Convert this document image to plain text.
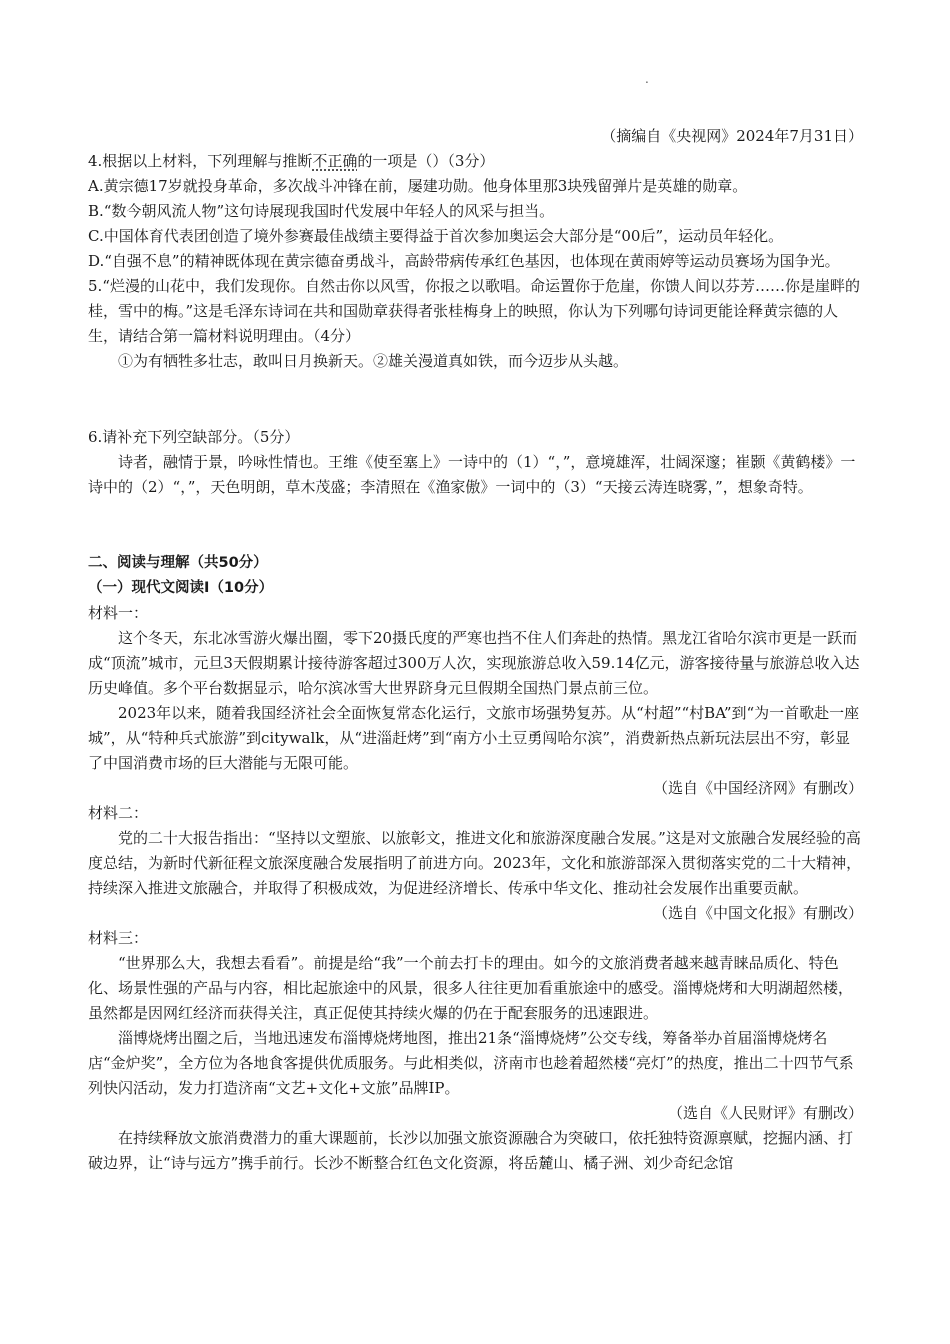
.

（摘编自《央视网》2024年7月31日）

4.根据以上材料，下列理解与推断不正确的一项是（）（3分）

A.黄宗德17岁就投身革命，多次战斗冲锋在前，屡建功勋。他身体里那3块残留弹片是英雄的勋章。

B.“数今朝风流人物”这句诗展现我国时代发展中年轻人的风采与担当。

C.中国体育代表团创造了境外参赛最佳战绩主要得益于首次参加奥运会大部分是“00后”，运动员年轻化。

D.“自强不息”的精神既体现在黄宗德奋勇战斗，高龄带病传承红色基因，也体现在黄雨婷等运动员赛场为国争光。

5.“烂漫的山花中，我们发现你。自然击你以风雪，你报之以歌唱。命运置你于危崖，你馈人间以芬芳……你是崖畔的桂，雪中的梅。”这是毛泽东诗词在共和国勋章获得者张桂梅身上的映照，你认为下列哪句诗词更能诠释黄宗德的人生，请结合第一篇材料说明理由。（4分）

①为有牺牲多壮志，敢叫日月换新天。②雄关漫道真如铁，而今迈步从头越。

6.请补充下列空缺部分。（5分）

诗者，融情于景，吟咏性情也。王维《使至塞上》一诗中的（1）“，”，意境雄浑，壮阔深邃；崔颢《黄鹤楼》一诗中的（2）“，”，天色明朗，草木茂盛；李清照在《渔家傲》一词中的（3）“天接云涛连晓雾，”，想象奇特。

二、阅读与理解（共50分）

（一）现代文阅读Ⅰ（10分）

材料一：

这个冬天，东北冰雪游火爆出圈，零下20摄氏度的严寒也挡不住人们奔赴的热情。黑龙江省哈尔滨市更是一跃而成“顶流”城市，元旦3天假期累计接待游客超过300万人次，实现旅游总收入59.14亿元，游客接待量与旅游总收入达历史峰值。多个平台数据显示，哈尔滨冰雪大世界跻身元旦假期全国热门景点前三位。

2023年以来，随着我国经济社会全面恢复常态化运行，文旅市场强势复苏。从“村超”“村BA”到“为一首歌赴一座城”，从“特种兵式旅游”到citywalk，从“进淄赶烤”到“南方小土豆勇闯哈尔滨”，消费新热点新玩法层出不穷，彰显了中国消费市场的巨大潜能与无限可能。

（选自《中国经济网》有删改）

材料二：

党的二十大报告指出：“坚持以文塑旅、以旅彰文，推进文化和旅游深度融合发展。”这是对文旅融合发展经验的高度总结，为新时代新征程文旅深度融合发展指明了前进方向。2023年，文化和旅游部深入贯彻落实党的二十大精神，持续深入推进文旅融合，并取得了积极成效，为促进经济增长、传承中华文化、推动社会发展作出重要贡献。

（选自《中国文化报》有删改）

材料三：

“世界那么大，我想去看看”。前提是给“我”一个前去打卡的理由。如今的文旅消费者越来越青睐品质化、特色化、场景性强的产品与内容，相比起旅途中的风景，很多人往往更加看重旅途中的感受。淄博烧烤和大明湖超然楼，虽然都是因网红经济而获得关注，真正促使其持续火爆的仍在于配套服务的迅速跟进。

淄博烧烤出圈之后，当地迅速发布淄博烧烤地图，推出21条“淄博烧烤”公交专线，筹备举办首届淄博烧烤名店“金炉奖”，全方位为各地食客提供优质服务。与此相类似，济南市也趁着超然楼“亮灯”的热度，推出二十四节气系列快闪活动，发力打造济南“文艺+文化+文旅”品牌IP。

（选自《人民财评》有删改）

在持续释放文旅消费潜力的重大课题前，长沙以加强文旅资源融合为突破口，依托独特资源禀赋，挖掘内涵、打破边界，让“诗与远方”携手前行。长沙不断整合红色文化资源，将岳麓山、橘子洲、刘少奇纪念馆
